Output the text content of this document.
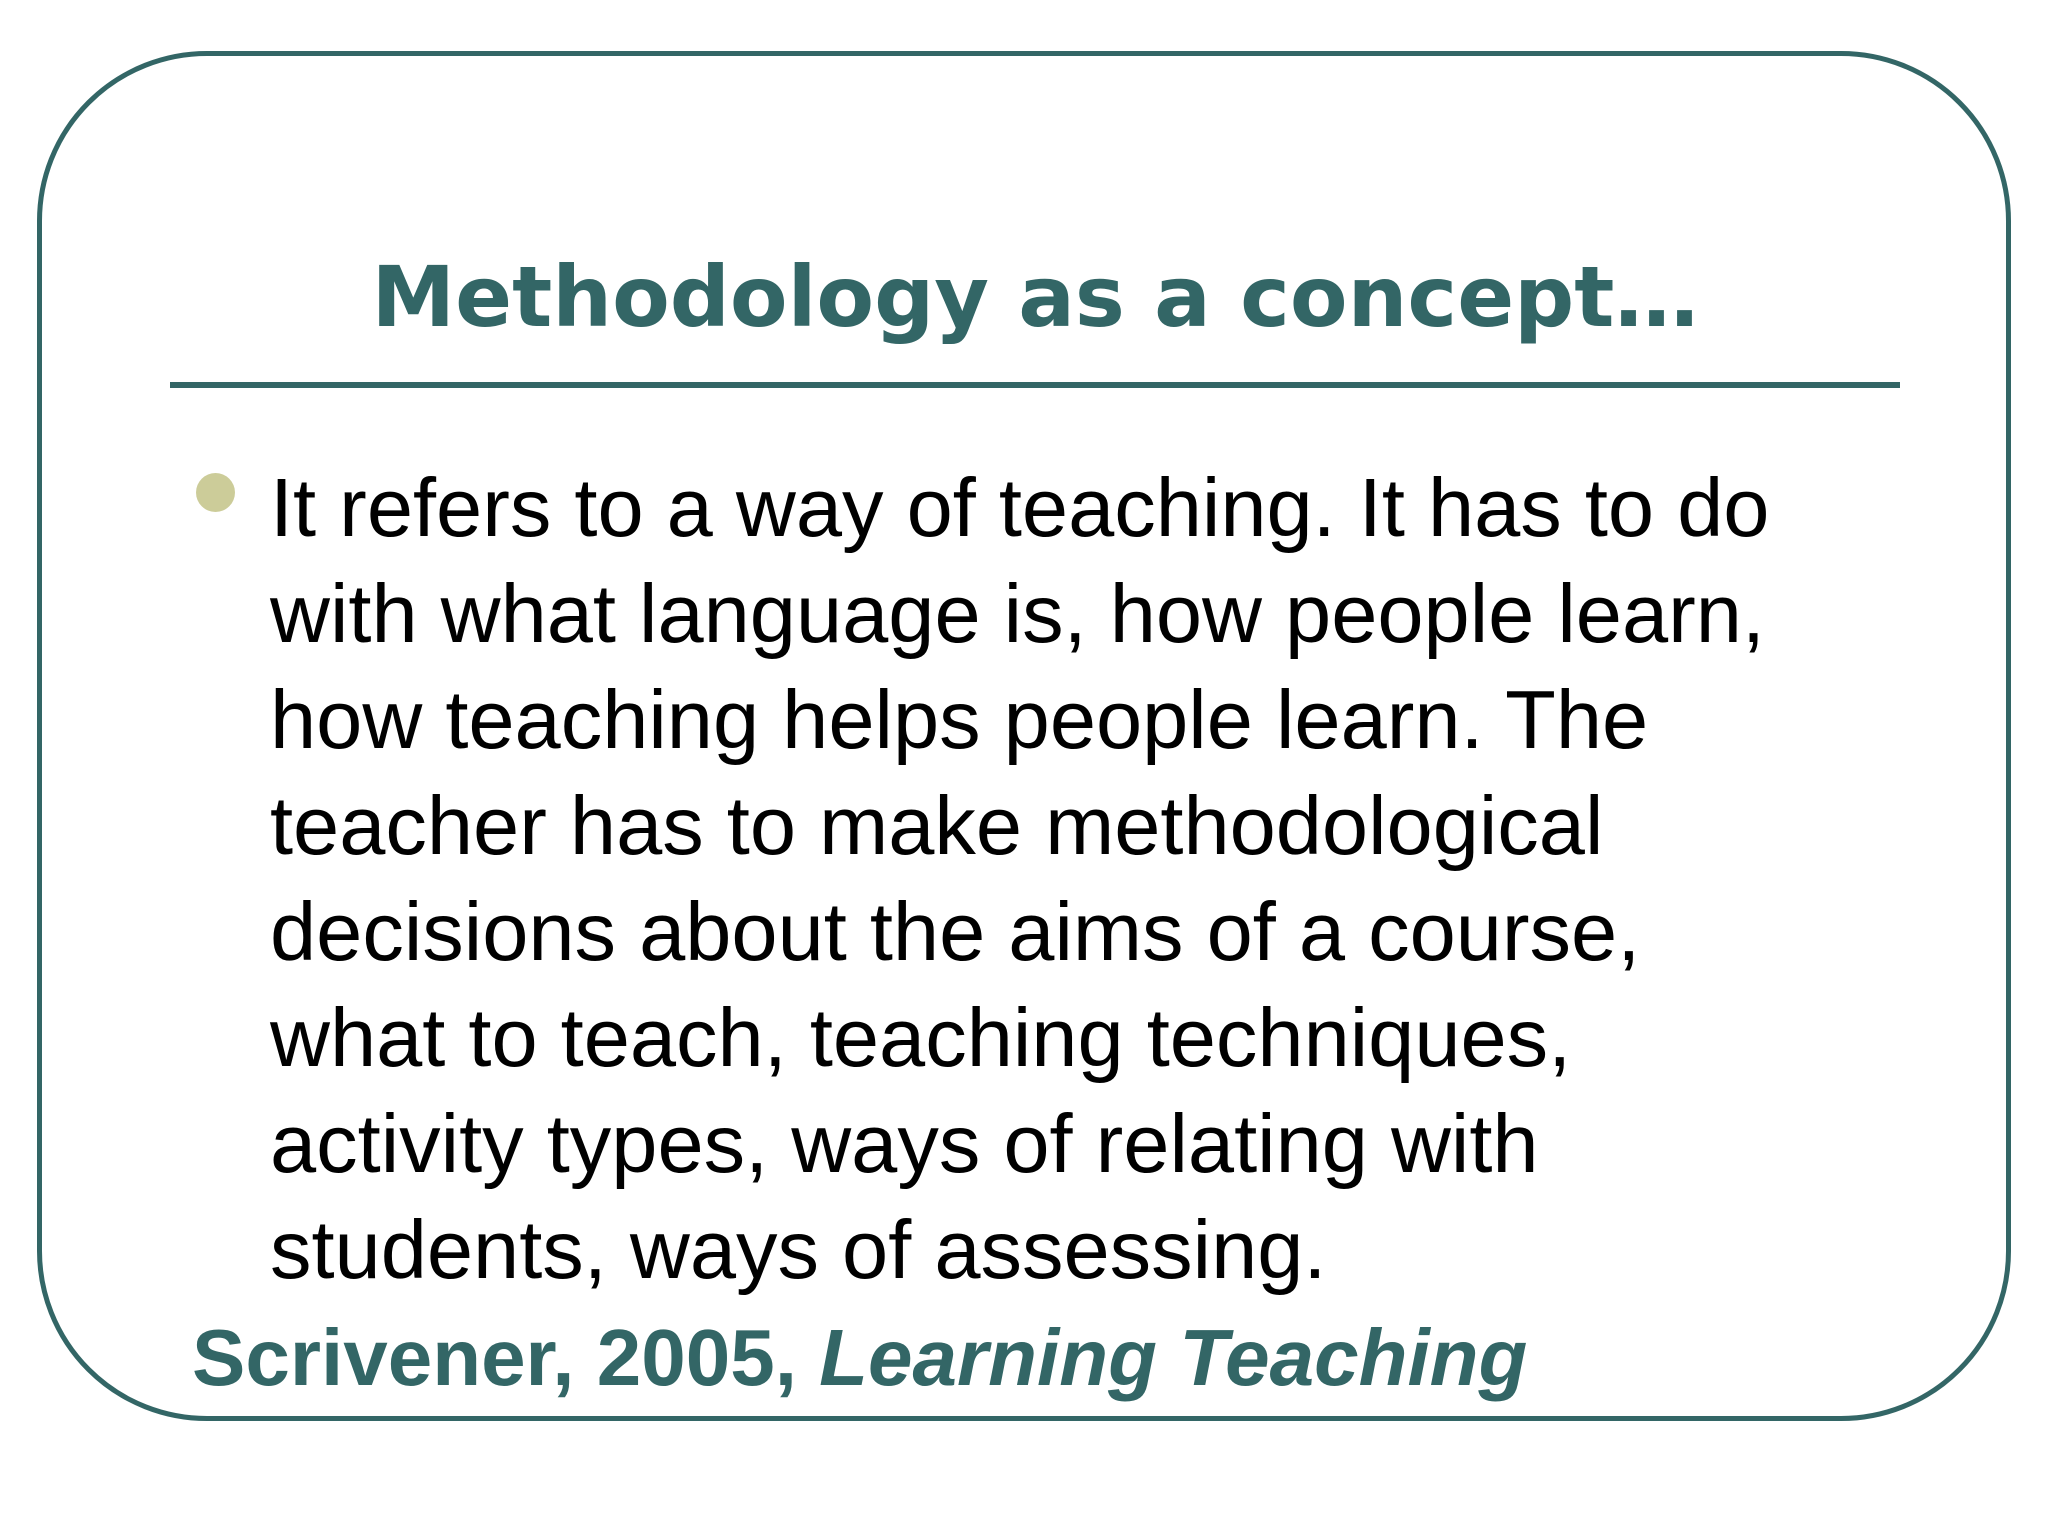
Methodology as a concept…

It refers to a way of teaching. It has to do
with what language is, how people learn,
how teaching helps people learn. The
teacher has to make methodological
decisions about the aims of a course,
what to teach, teaching techniques,
activity types, ways of relating with
students, ways of assessing.

Scrivener, 2005, Learning Teaching
